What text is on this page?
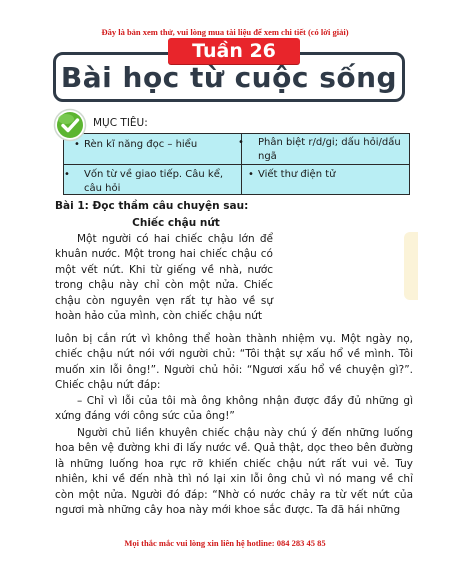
Đây là bản xem thử, vui lòng mua tài liệu để xem chi tiết (có lời giải)
Tuần 26
Bài học từ cuộc sống
MỤC TIÊU:
• Rèn kĩ năng đọc – hiểu	• Phân biệt r/d/gi; dấu hỏi/dấu ngã
• Vốn từ về giao tiếp. Câu kể, câu hỏi
• Viết thư điện tử
Bài 1: Đọc thầm câu chuyện sau:
Chiếc chậu nứt
Một người có hai chiếc chậu lớn để khuân nước. Một trong hai chiếc chậu có một vết nứt. Khi từ giếng về nhà, nước trong chậu này chỉ còn một nửa. Chiếc chậu còn nguyên vẹn rất tự hào về sự hoàn hảo của mình, còn chiếc chậu nứt
luôn bị cắn rứt vì không thể hoàn thành nhiệm vụ. Một ngày nọ, chiếc chậu nứt nói với người chủ: “Tôi thật sự xấu hổ về mình. Tôi muốn xin lỗi ông!”. Người chủ hỏi: “Ngươi xấu hổ về chuyện gì?”. Chiếc chậu nứt đáp:
– Chỉ vì lỗi của tôi mà ông không nhận được đầy đủ những gì xứng đáng với công sức của ông!”
Người chủ liền khuyên chiếc chậu này chú ý đến những luống hoa bên vệ đường khi đi lấy nước về. Quả thật, dọc theo bên đường là những luống hoa rực rỡ khiến chiếc chậu nứt rất vui vẻ. Tuy nhiên, khi về đến nhà thì nó lại xin lỗi ông chủ vì nó mang về chỉ còn một nửa. Người đó đáp: “Nhờ có nước chảy ra từ vết nứt của ngươi mà những cây hoa này mới khoe sắc được. Ta đã hái những
Mọi thắc mắc vui lòng xin liên hệ hotline: 084 283 45 85
